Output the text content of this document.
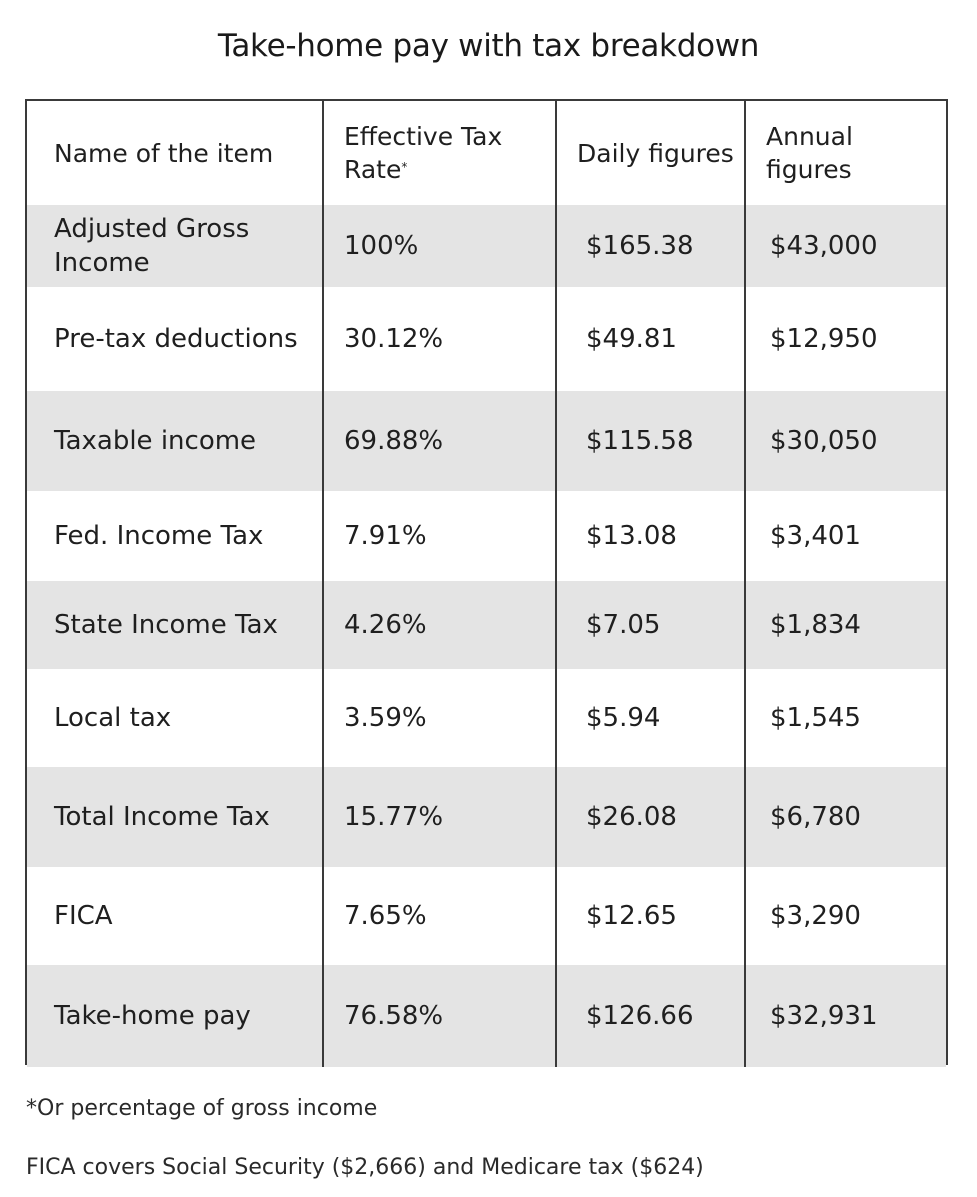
Take-home pay with tax breakdown
Name of the item	Effective Tax Rate*	Daily figures	Annual figures
Adjusted Gross Income	100%	$165.38	$43,000
Pre-tax deductions	30.12%	$49.81	$12,950
Taxable income	69.88%	$115.58	$30,050
Fed. Income Tax	7.91%	$13.08	$3,401
State Income Tax	4.26%	$7.05	$1,834
Local tax	3.59%	$5.94	$1,545
Total Income Tax	15.77%	$26.08	$6,780
FICA	7.65%	$12.65	$3,290
Take-home pay	76.58%	$126.66	$32,931
*Or percentage of gross income
FICA covers Social Security ($2,666) and Medicare tax ($624)
